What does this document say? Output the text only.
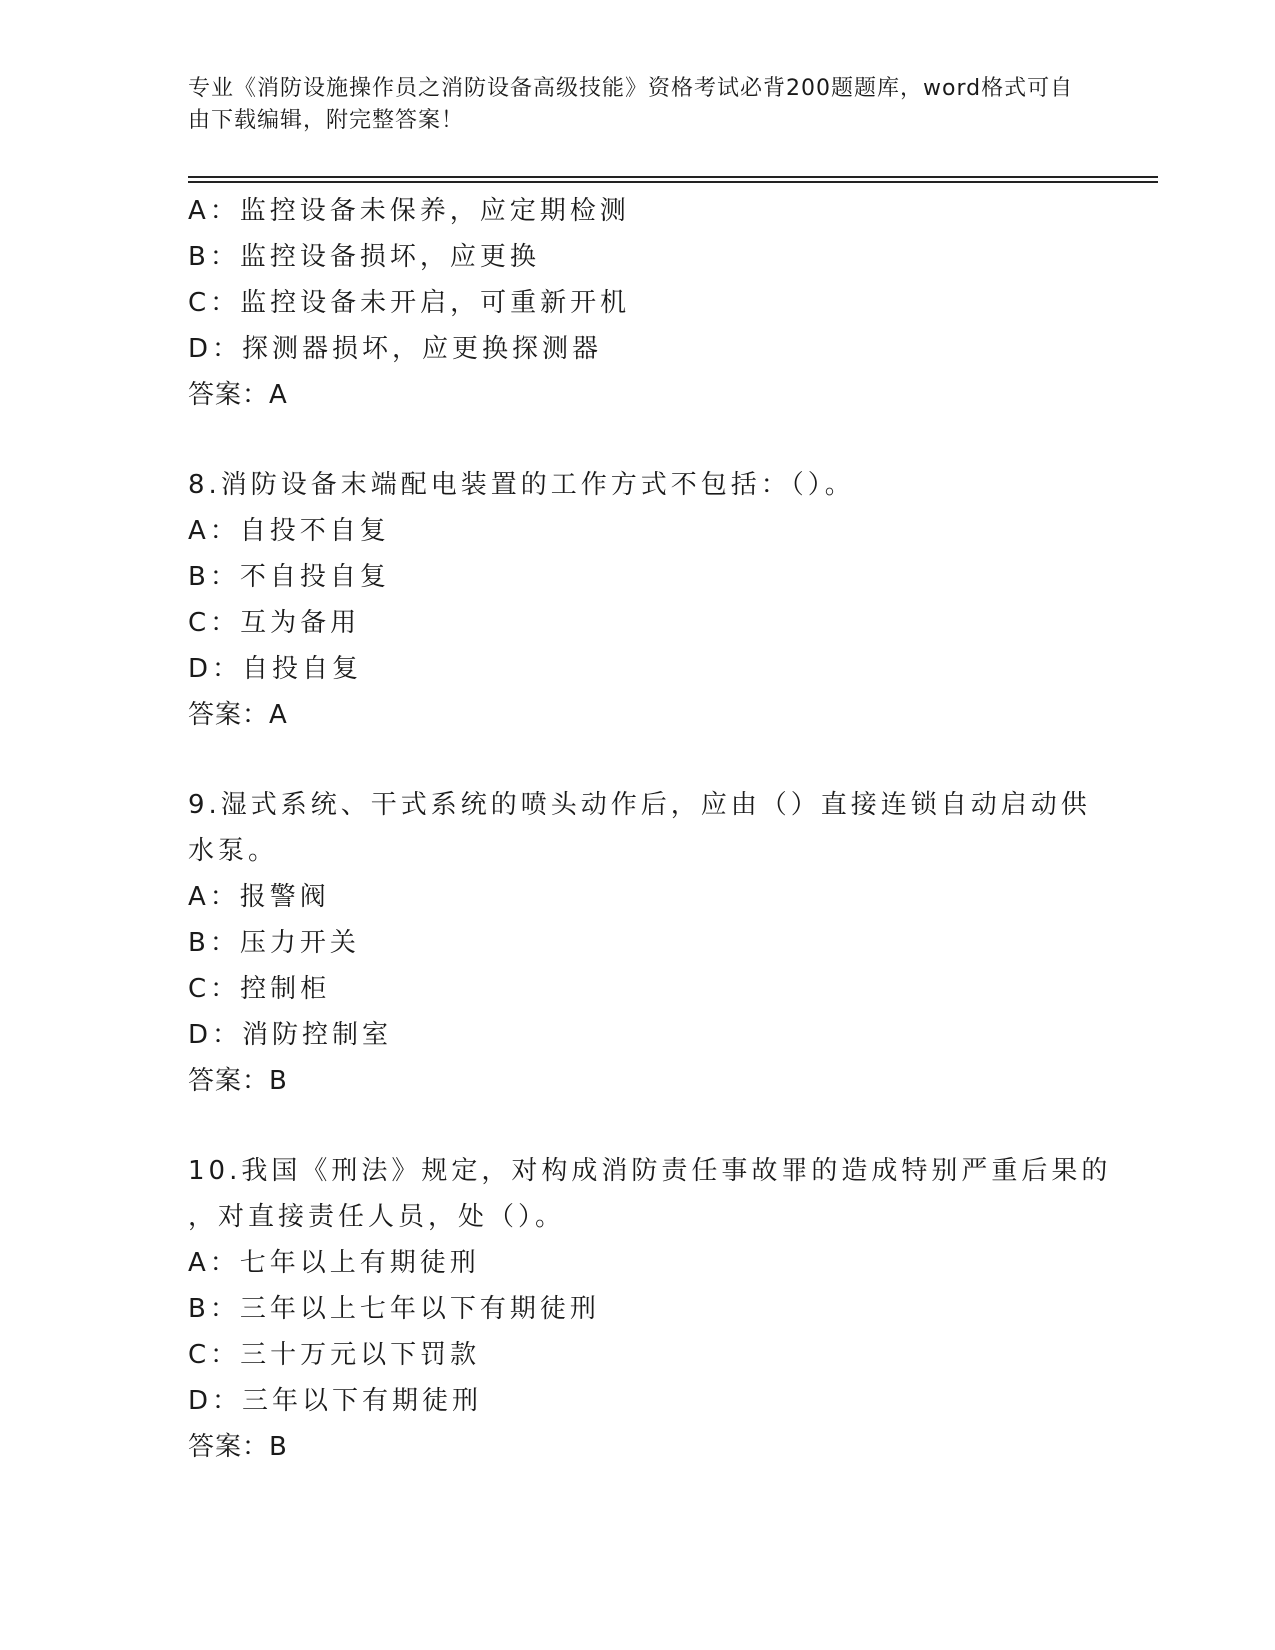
专业《消防设施操作员之消防设备高级技能》资格考试必背200题题库，word格式可自由下载编辑，附完整答案！
A：监控设备未保养，应定期检测
B：监控设备损坏，应更换
C：监控设备未开启，可重新开机
D：探测器损坏，应更换探测器
答案：A
8.消防设备末端配电装置的工作方式不包括：（）。
A：自投不自复
B：不自投自复
C：互为备用
D：自投自复
答案：A
9.湿式系统、干式系统的喷头动作后，应由（）直接连锁自动启动供
水泵。
A：报警阀
B：压力开关
C：控制柜
D：消防控制室
答案：B
10.我国《刑法》规定，对构成消防责任事故罪的造成特别严重后果的
，对直接责任人员，处（）。
A：七年以上有期徒刑
B：三年以上七年以下有期徒刑
C：三十万元以下罚款
D：三年以下有期徒刑
答案：B
